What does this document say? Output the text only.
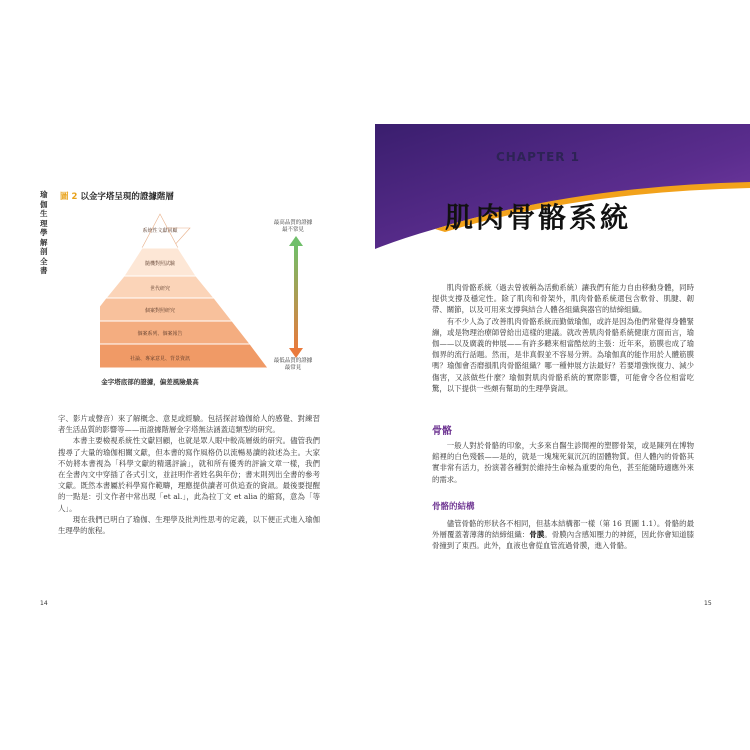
瑜伽生理學解剖全書
圖 2 以金字塔呈現的證據階層
系統性文獻回顧
隨機對照試驗
世代研究
個案對照研究
個案系列、個案報告
社論、專家意見、背景資訊
金字塔底部的證據，偏差風險最高
最高品質的證據
最不常見
最低品質的證據
最常見

字、影片或聲音）來了解概念、意見或經驗。包括探討瑜伽給人的感覺、對練習者生活品質的影響等——而證據階層金字塔無法涵蓋這類型的研究。

本書主要檢視系統性文獻回顧，也就是眾人眼中較高層級的研究。儘管我們搜尋了大量的瑜伽相關文獻，但本書的寫作風格仍以流暢易讀的敘述為主。大家不妨將本書視為「科學文獻的精選評論」，就和所有優秀的評論文章一樣，我們在全書內文中穿插了各式引文，並註明作者姓名與年份；書末則列出全書的參考文獻。既然本書屬於科學寫作範疇，理應提供讀者可供追查的資訊。最後要提醒的一點是：引文作者中常出現「et al.」，此為拉丁文 et alia 的縮寫，意為「等人」。

現在我們已明白了瑜伽、生理學及批判性思考的定義，以下便正式進入瑜伽生理學的旅程。

14
CHAPTER 1
肌肉骨骼系統

肌肉骨骼系統（過去曾被稱為活動系統）讓我們有能力自由移動身體，同時提供支撐及穩定性。除了肌肉和骨架外，肌肉骨骼系統還包含軟骨、肌腱、韌帶、關節，以及可用來支撐與結合人體各組織與器官的結締組織。

有不少人為了改善肌肉骨骼系統而勤做瑜伽，或許是因為他們常覺得身體緊繃，或是物理治療師曾給出這樣的建議。就改善肌肉骨骼系統健康方面而言，瑜伽——以及廣義的伸展——有許多聽來相當酷炫的主張：近年來，筋膜也成了瑜伽界的流行話題。然而，是非真假並不容易分辨。為瑜伽真的能作用於人體筋膜嗎？瑜伽會否磨損肌肉骨骼組織？哪一種伸展方法最好？若要增強恢復力、減少傷害，又該做些什麼？瑜伽對肌肉骨骼系統的實際影響，可能會令各位相當吃驚，以下提供一些頗有幫助的生理學資訊。

骨骼

一般人對於骨骼的印象，大多來自醫生診間裡的塑膠骨架，或是陳列在博物館裡的白色殘骸——是的，就是一塊塊死氣沉沉的固體物質。但人體內的骨骼其實非常有活力，扮演著各種對於維持生命極為重要的角色，甚至能隨時適應外來的需求。

骨骼的結構

儘管骨骼的形狀各不相同，但基本結構都一樣（第 16 頁圖 1.1）。骨骼的最外層覆蓋著薄薄的結締組織：骨膜。骨膜內含感知壓力的神經，因此你會知道膝骨撞到了東西。此外，血液也會從血管流過骨膜，進入骨骼。

15
